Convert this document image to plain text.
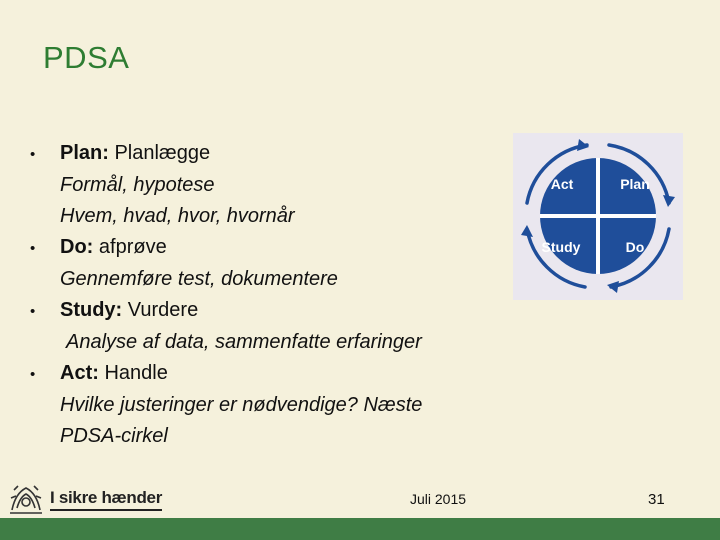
PDSA
•	Plan: Planlægge
Formål, hypotese
Hvem, hvad, hvor, hvornår
•	Do: afprøve
Gennemføre test, dokumentere
•	Study: Vurdere
Analyse af data, sammenfatte erfaringer
•	Act: Handle
Hvilke justeringer er nødvendige? Næste
PDSA-cirkel
Act	Plan
Study	Do
I sikre hænder	Juli 2015	31
